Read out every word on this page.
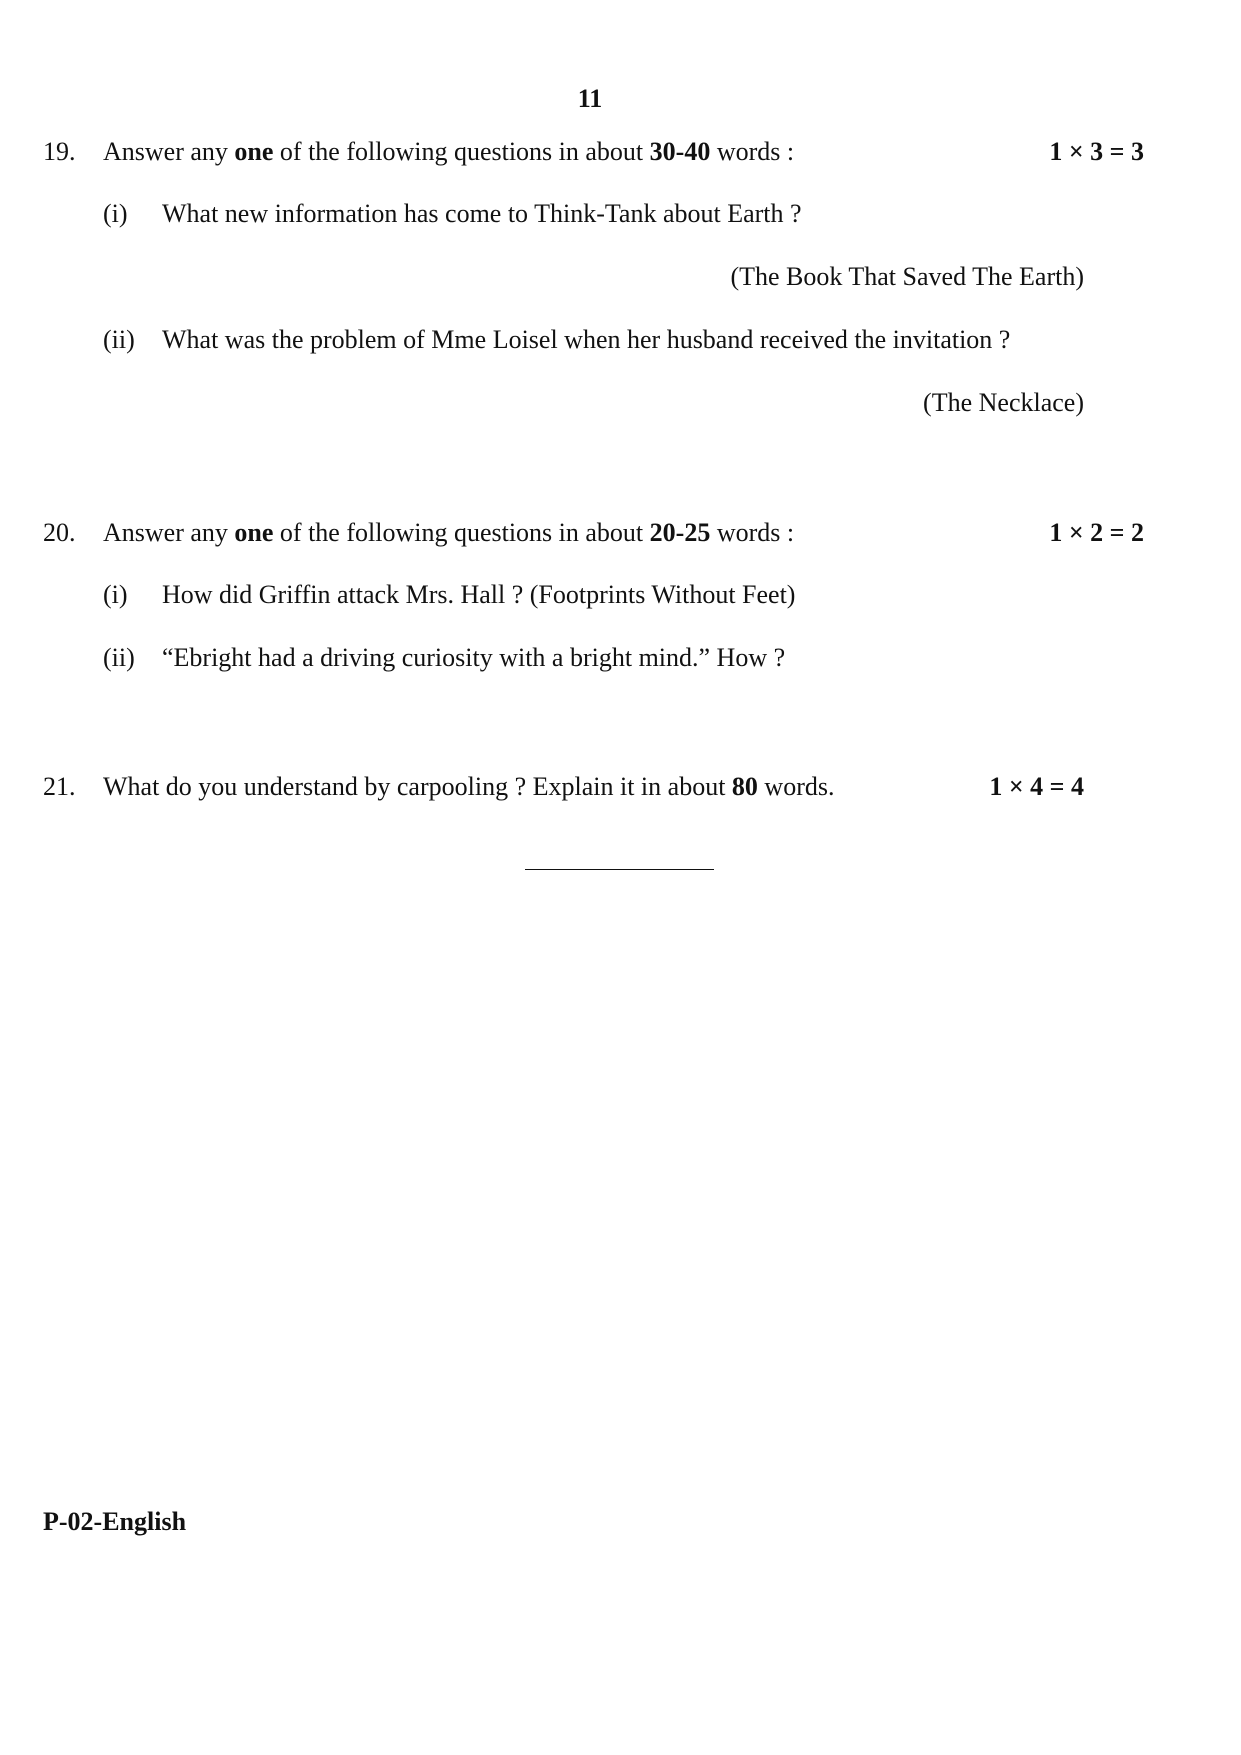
11
19. Answer any one of the following questions in about 30-40 words :	1 × 3 = 3
(i) What new information has come to Think-Tank about Earth ?
(The Book That Saved The Earth)
(ii) What was the problem of Mme Loisel when her husband received the invitation ?
(The Necklace)
20. Answer any one of the following questions in about 20-25 words :	1 × 2 = 2
(i) How did Griffin attack Mrs. Hall ? (Footprints Without Feet)
(ii) “Ebright had a driving curiosity with a bright mind.” How ?
21. What do you understand by carpooling ? Explain it in about 80 words.	1 × 4 = 4
P-02-English
